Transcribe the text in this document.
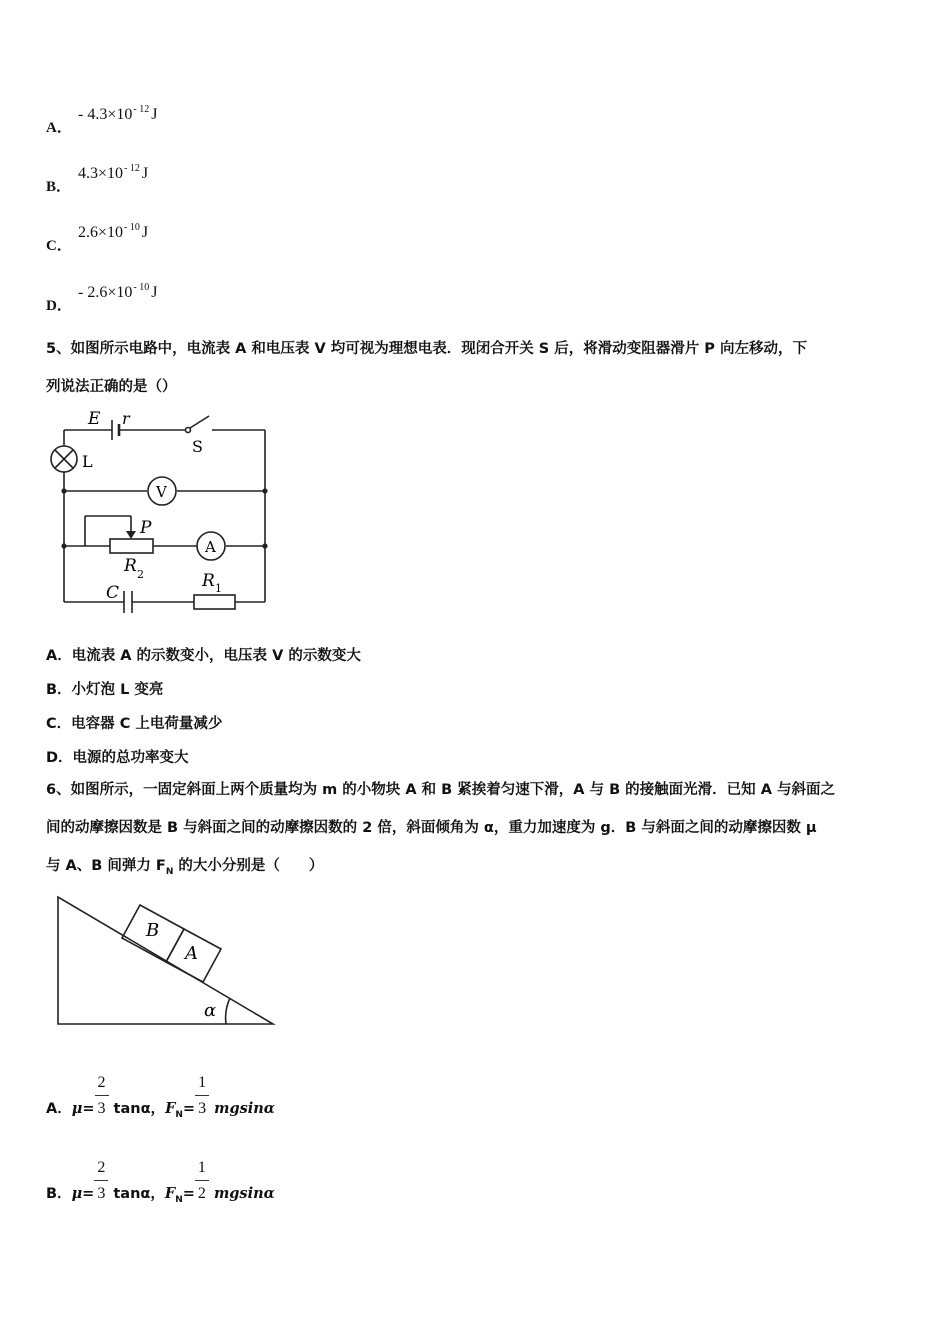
A．
- $4.3\times 10^{- 12}$ J
B．
$4.3\times 10^{- 12}$ J
C．
$2.6\times 10^{- 10}$ J
D．
- $2.6\times 10^{- 10}$ J
5、如图所示电路中，电流表 A 和电压表 V 均可视为理想电表．现闭合开关 S 后，将滑动变阻器滑片 P 向左移动，下
列说法正确的是（）
E r
S
L
V
P
A
R 2	R 1
C
A．电流表 A 的示数变小，电压表 V 的示数变大
B．小灯泡 L 变亮
C．电容器 C 上电荷量减少
D．电源的总功率变大
6、如图所示，一固定斜面上两个质量均为 m 的小物块 A 和 B 紧挨着匀速下滑，A 与 B 的接触面光滑．已知 A 与斜面之
间的动摩擦因数是 B 与斜面之间的动摩擦因数的 2 倍，斜面倾角为 α，重力加速度为 g．B 与斜面之间的动摩擦因数 μ
与 A、B 间弹力 $F_N$ 的大小分别是（　　）
B
A
α
A．$\mu= \frac{2}{3}$ tanα，$F_N= \frac{1}{3}$ mgsinα
B．$\mu= \frac{2}{3}$ tanα，$F_N= \frac{1}{2}$ mgsinα
